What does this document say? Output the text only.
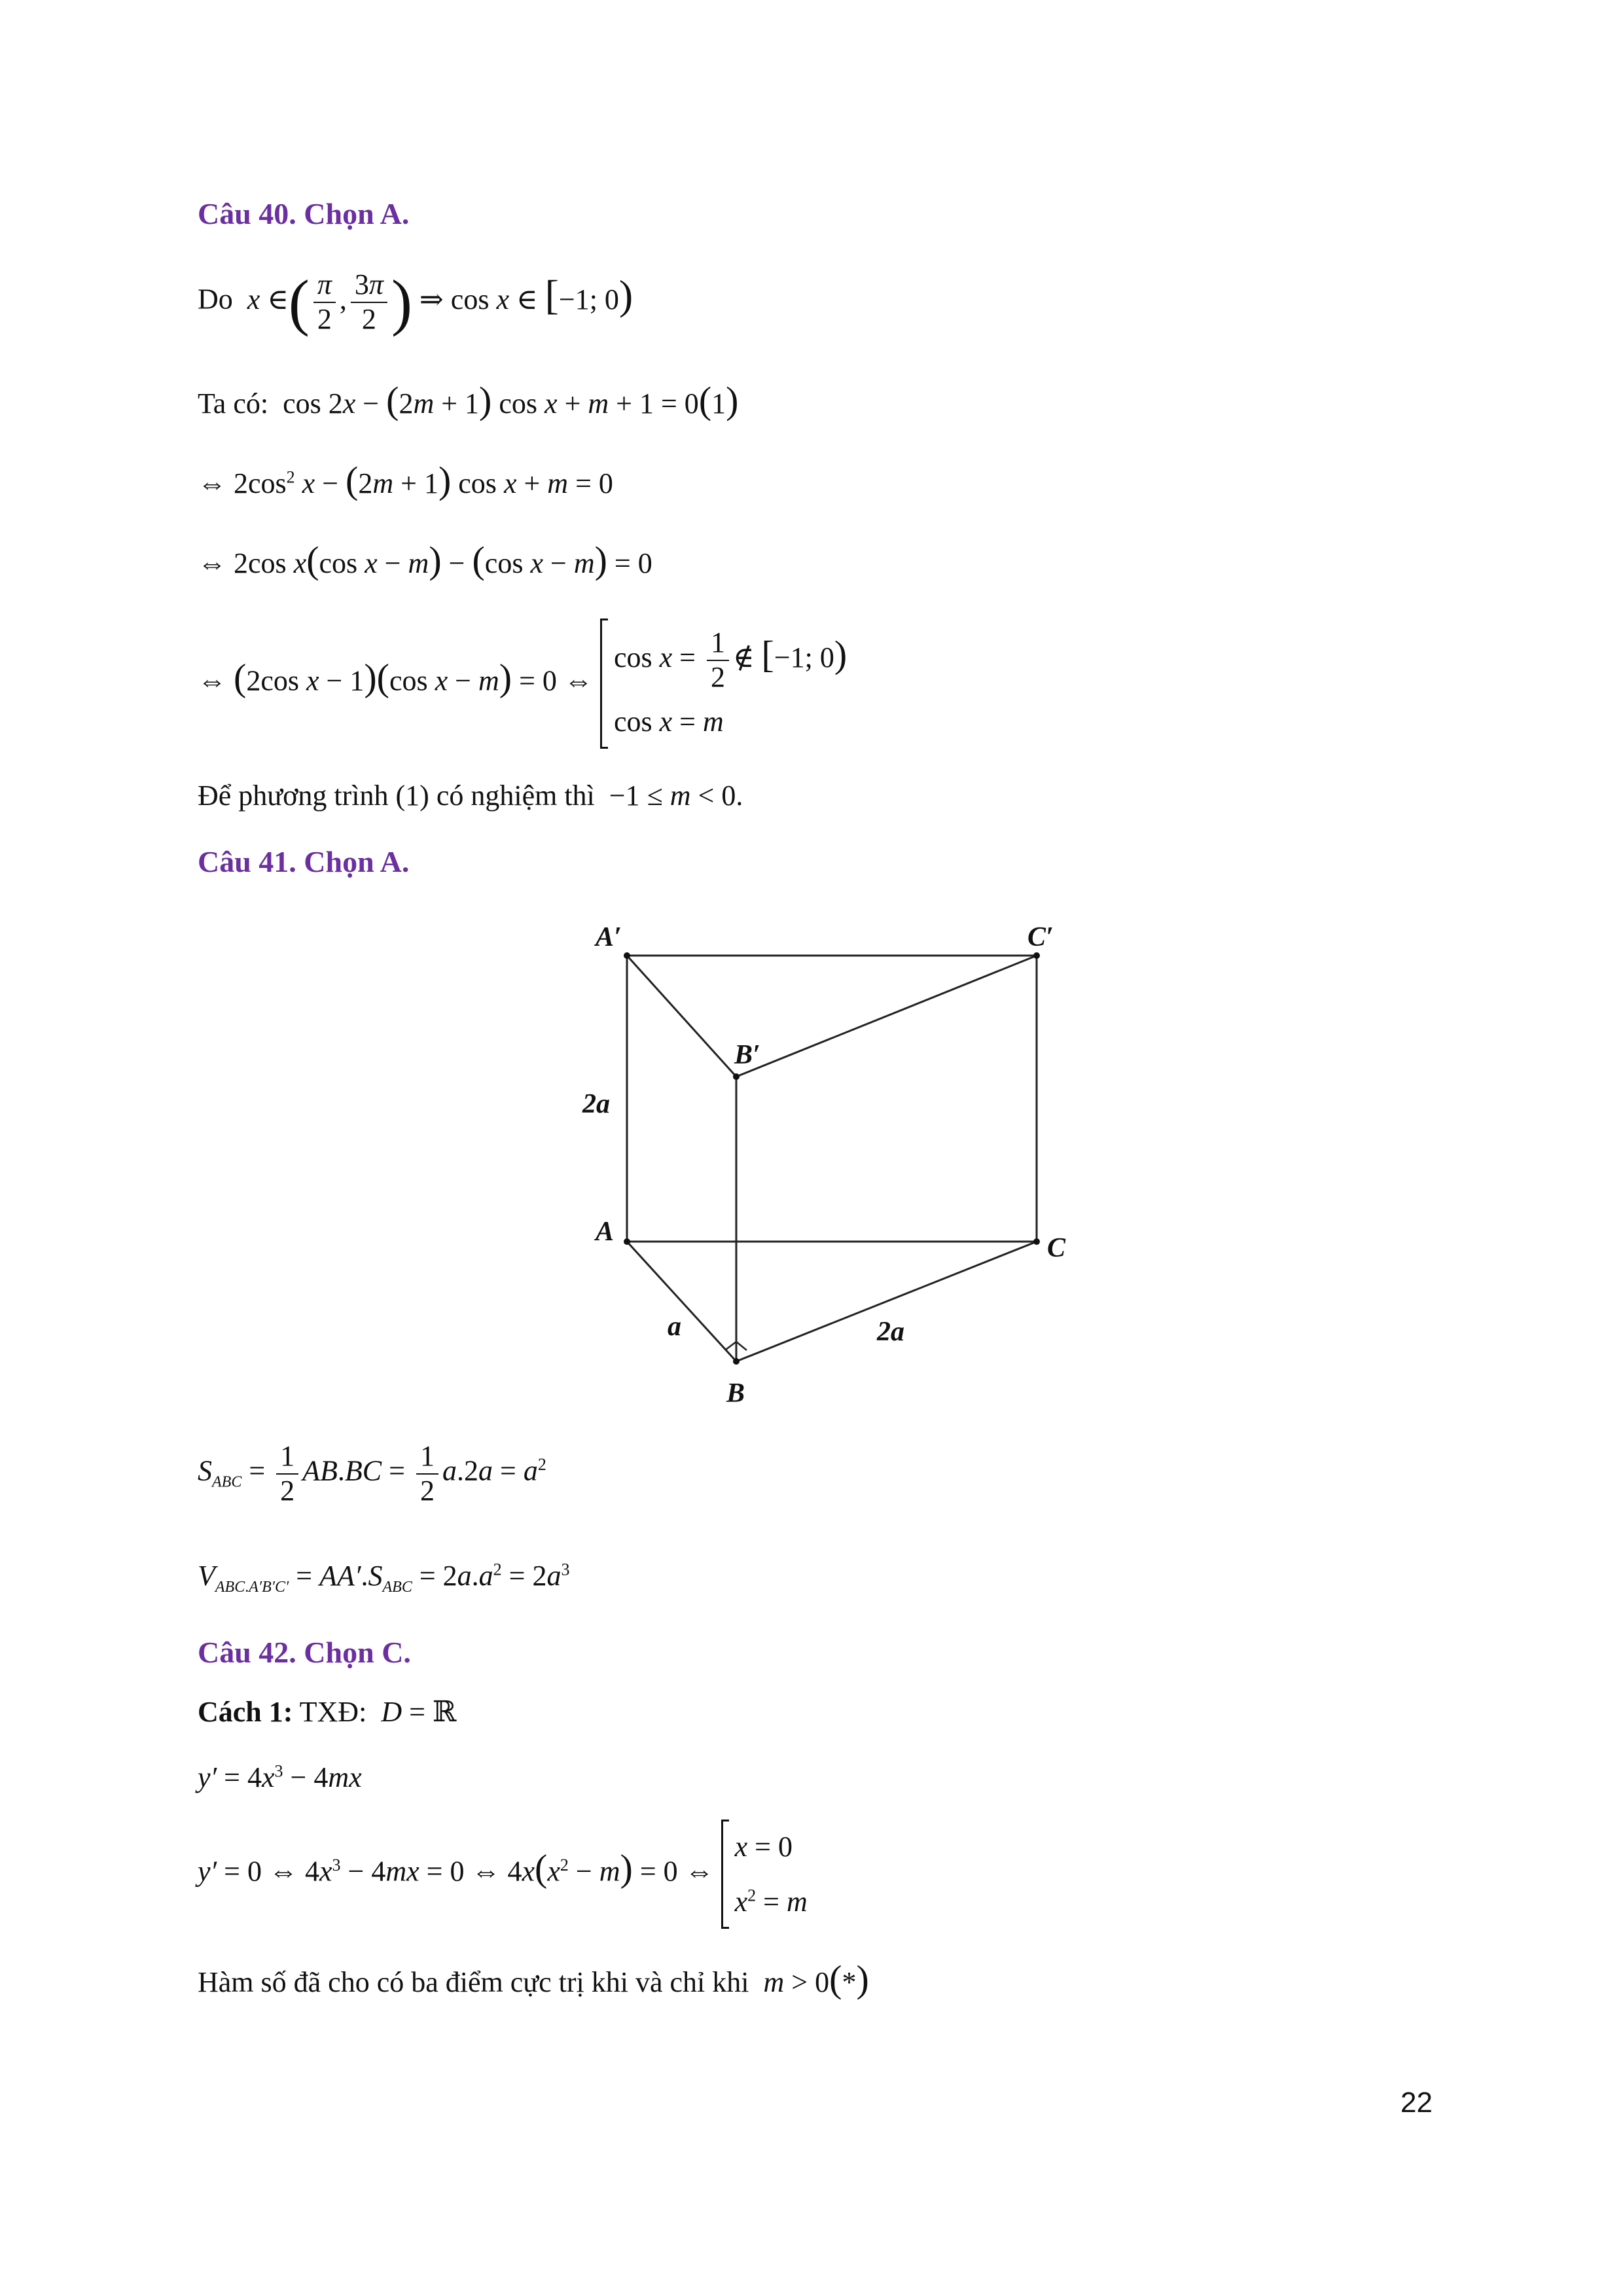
Câu 40. Chọn A.
Do x ∈( $\frac{\pi}{2}$ , $\frac{3\pi}{2}$ ) ⇒ cos x ∈ [−1; 0)
Ta có:  cos 2x − (2m + 1) cos x + m + 1 = 0(1)
⇔ $2\cos^2$ x − (2m + 1) cos x + m = 0
⇔ 2cos x(cos x − m) − (cos x − m) = 0
⇔ (2cos x − 1)(cos x − m) = 0 ⇔
$\cos x = \frac{1}{2}$ ∉ [−1; 0)
cos x = m
Để phương trình (1) có nghiệm thì  −1 ≤ m < 0.
Câu 41. Chọn A.
A′	C′
B′
A
C
B
2a
a	2a
$S_{ABC} = \frac{1}{2} AB.BC = \frac{1}{2} a.2a = a^2$
$V_{ABC.A'B'C'} = AA'.S_{ABC} = 2a.a^2 = 2a^3$
Câu 42. Chọn C.
Cách 1: TXĐ: D = ℝ
$y' = 4x^3 - 4mx$
y′ = 0 ⇔ $4x^3 - 4mx = 0$ ⇔ $4x(x^2 - m) = 0$ ⇔
x = 0
$x^2 = m$
Hàm số đã cho có ba điểm cực trị khi và chỉ khi m > 0(*)
22
